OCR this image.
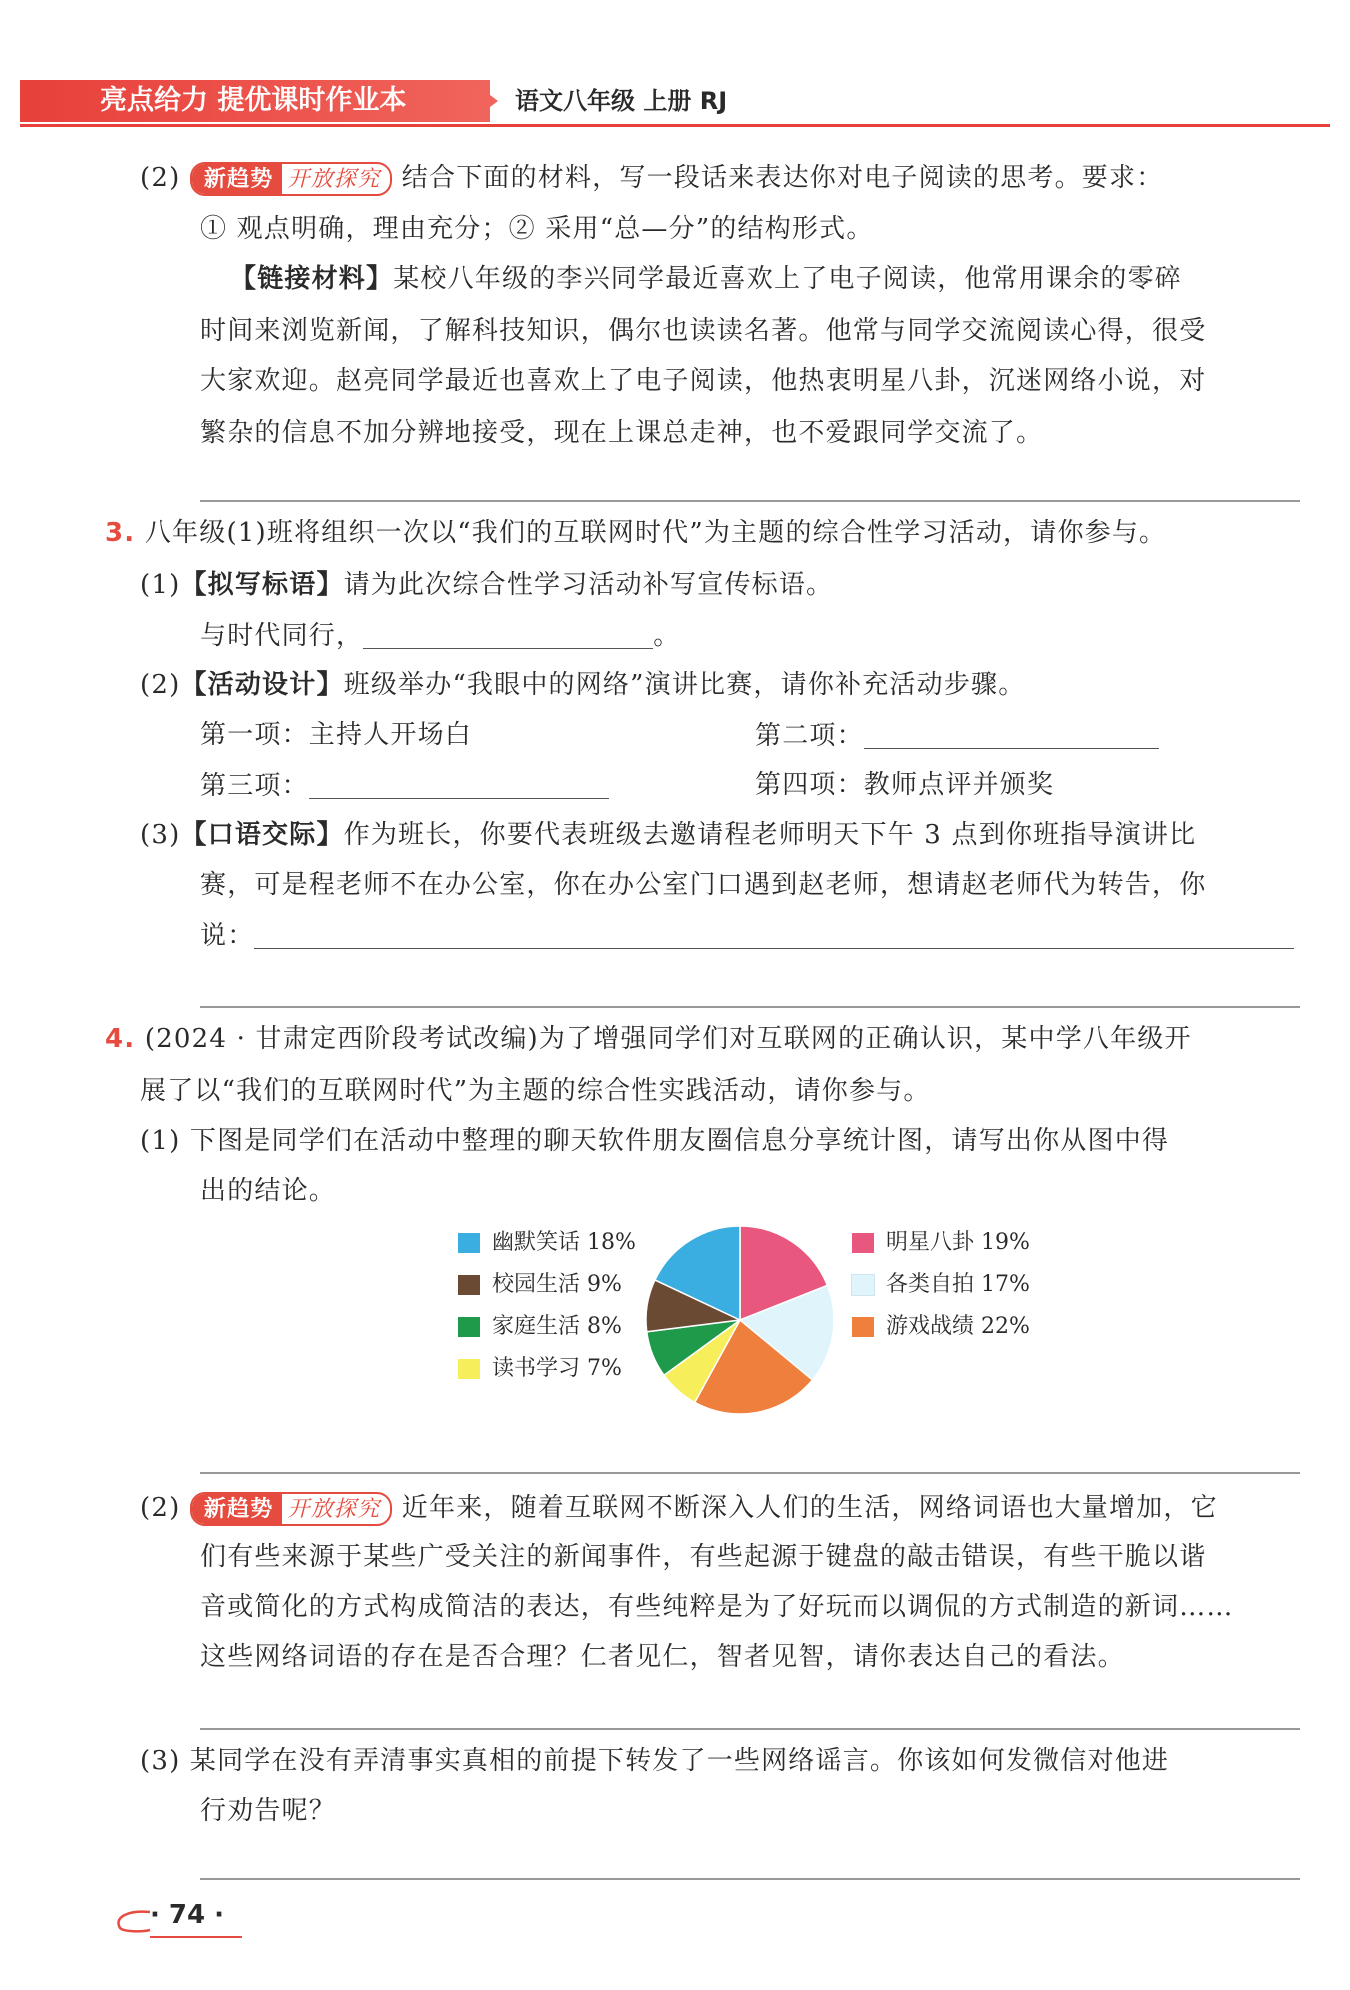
亮点给力 提优课时作业本	语文八年级 上册 RJ
(2) 新趋势 开放探究 结合下面的材料，写一段话来表达你对电子阅读的思考。要求：
① 观点明确，理由充分；② 采用“总—分”的结构形式。
【链接材料】某校八年级的李兴同学最近喜欢上了电子阅读，他常用课余的零碎
时间来浏览新闻，了解科技知识，偶尔也读读名著。他常与同学交流阅读心得，很受
大家欢迎。赵亮同学最近也喜欢上了电子阅读，他热衷明星八卦，沉迷网络小说，对
繁杂的信息不加分辨地接受，现在上课总走神，也不爱跟同学交流了。
3. 八年级(1)班将组织一次以“我们的互联网时代”为主题的综合性学习活动，请你参与。
(1)【拟写标语】请为此次综合性学习活动补写宣传标语。
与时代同行，	。
(2)【活动设计】班级举办“我眼中的网络”演讲比赛，请你补充活动步骤。
第一项：主持人开场白	第二项：
第三项：	第四项：教师点评并颁奖
(3)【口语交际】作为班长，你要代表班级去邀请程老师明天下午 3 点到你班指导演讲比
赛，可是程老师不在办公室，你在办公室门口遇到赵老师，想请赵老师代为转告，你
说：
4. (2024 · 甘肃定西阶段考试改编)为了增强同学们对互联网的正确认识，某中学八年级开
展了以“我们的互联网时代”为主题的综合性实践活动，请你参与。
(1) 下图是同学们在活动中整理的聊天软件朋友圈信息分享统计图，请写出你从图中得
出的结论。
幽默笑话 18%
校园生活 9%
家庭生活 8%
读书学习 7%
明星八卦 19%
各类自拍 17%
游戏战绩 22%
(2) 新趋势 开放探究 近年来，随着互联网不断深入人们的生活，网络词语也大量增加，它
们有些来源于某些广受关注的新闻事件，有些起源于键盘的敲击错误，有些干脆以谐
音或简化的方式构成简洁的表达，有些纯粹是为了好玩而以调侃的方式制造的新词……
这些网络词语的存在是否合理？仁者见仁，智者见智，请你表达自己的看法。
(3) 某同学在没有弄清事实真相的前提下转发了一些网络谣言。你该如何发微信对他进
行劝告呢？
· 74 ·
